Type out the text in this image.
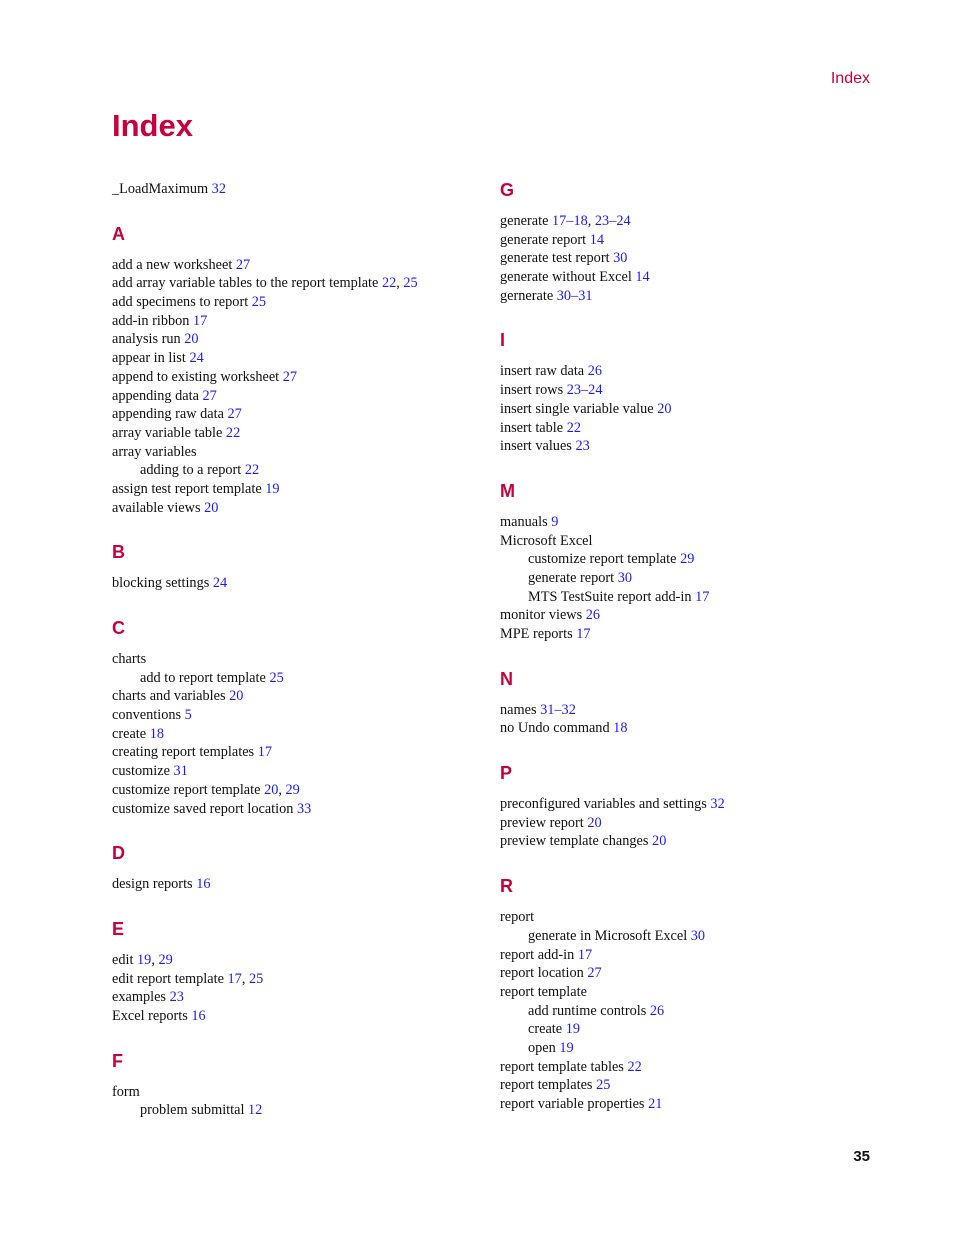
Index
Index
_LoadMaximum 32
A
add a new worksheet 27
add array variable tables to the report template 22, 25
add specimens to report 25
add-in ribbon 17
analysis run 20
appear in list 24
append to existing worksheet 27
appending data 27
appending raw data 27
array variable table 22
array variables
adding to a report 22
assign test report template 19
available views 20
B
blocking settings 24
C
charts
add to report template 25
charts and variables 20
conventions 5
create 18
creating report templates 17
customize 31
customize report template 20, 29
customize saved report location 33
D
design reports 16
E
edit 19, 29
edit report template 17, 25
examples 23
Excel reports 16
F
form
problem submittal 12
G
generate 17–18, 23–24
generate report 14
generate test report 30
generate without Excel 14
gernerate 30–31
I
insert raw data 26
insert rows 23–24
insert single variable value 20
insert table 22
insert values 23
M
manuals 9
Microsoft Excel
customize report template 29
generate report 30
MTS TestSuite report add-in 17
monitor views 26
MPE reports 17
N
names 31–32
no Undo command 18
P
preconfigured variables and settings 32
preview report 20
preview template changes 20
R
report
generate in Microsoft Excel 30
report add-in 17
report location 27
report template
add runtime controls 26
create 19
open 19
report template tables 22
report templates 25
report variable properties 21
35
